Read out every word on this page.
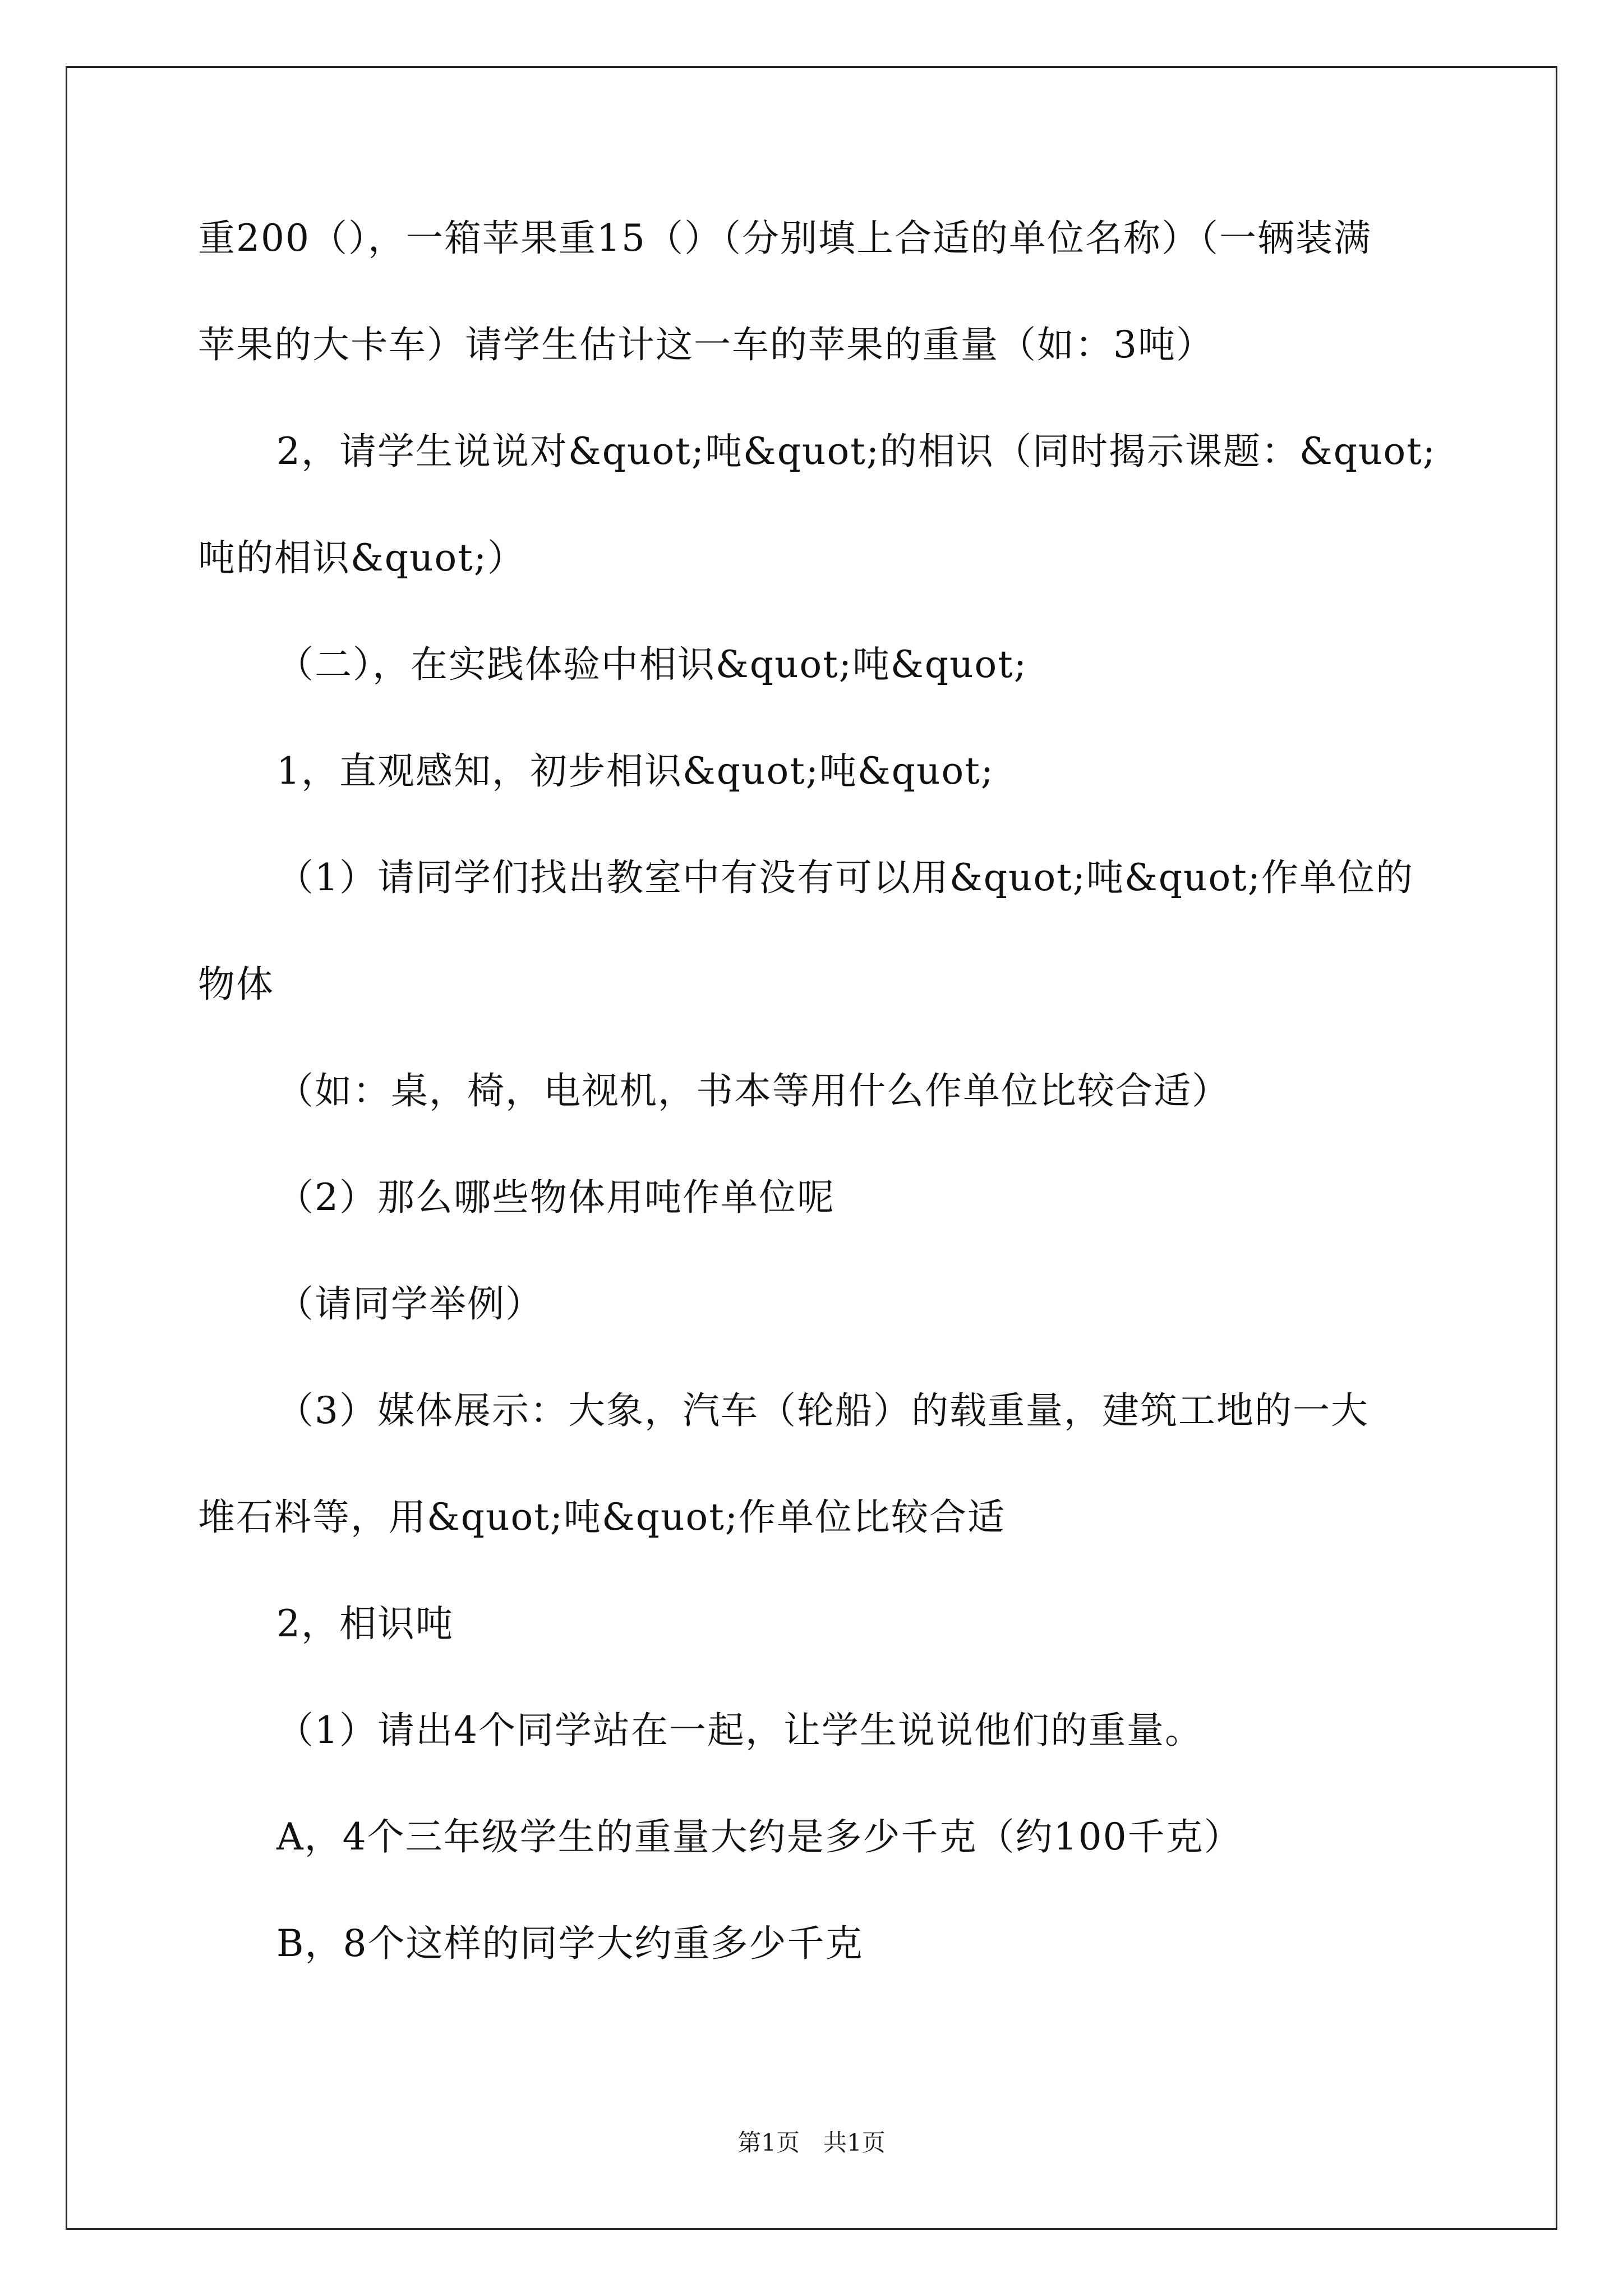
重200（），一箱苹果重15（）（分别填上合适的单位名称）（一辆装满
苹果的大卡车）请学生估计这一车的苹果的重量（如：3吨）
2，请学生说说对&quot;吨&quot;的相识（同时揭示课题：&quot;
吨的相识&quot;）
（二），在实践体验中相识&quot;吨&quot;
1，直观感知，初步相识&quot;吨&quot;
（1）请同学们找出教室中有没有可以用&quot;吨&quot;作单位的
物体
（如：桌，椅，电视机，书本等用什么作单位比较合适）
（2）那么哪些物体用吨作单位呢
（请同学举例）
（3）媒体展示：大象，汽车（轮船）的载重量，建筑工地的一大
堆石料等，用&quot;吨&quot;作单位比较合适
2，相识吨
（1）请出4个同学站在一起，让学生说说他们的重量。
A，4个三年级学生的重量大约是多少千克（约100千克）
B，8个这样的同学大约重多少千克
第1页　共1页
